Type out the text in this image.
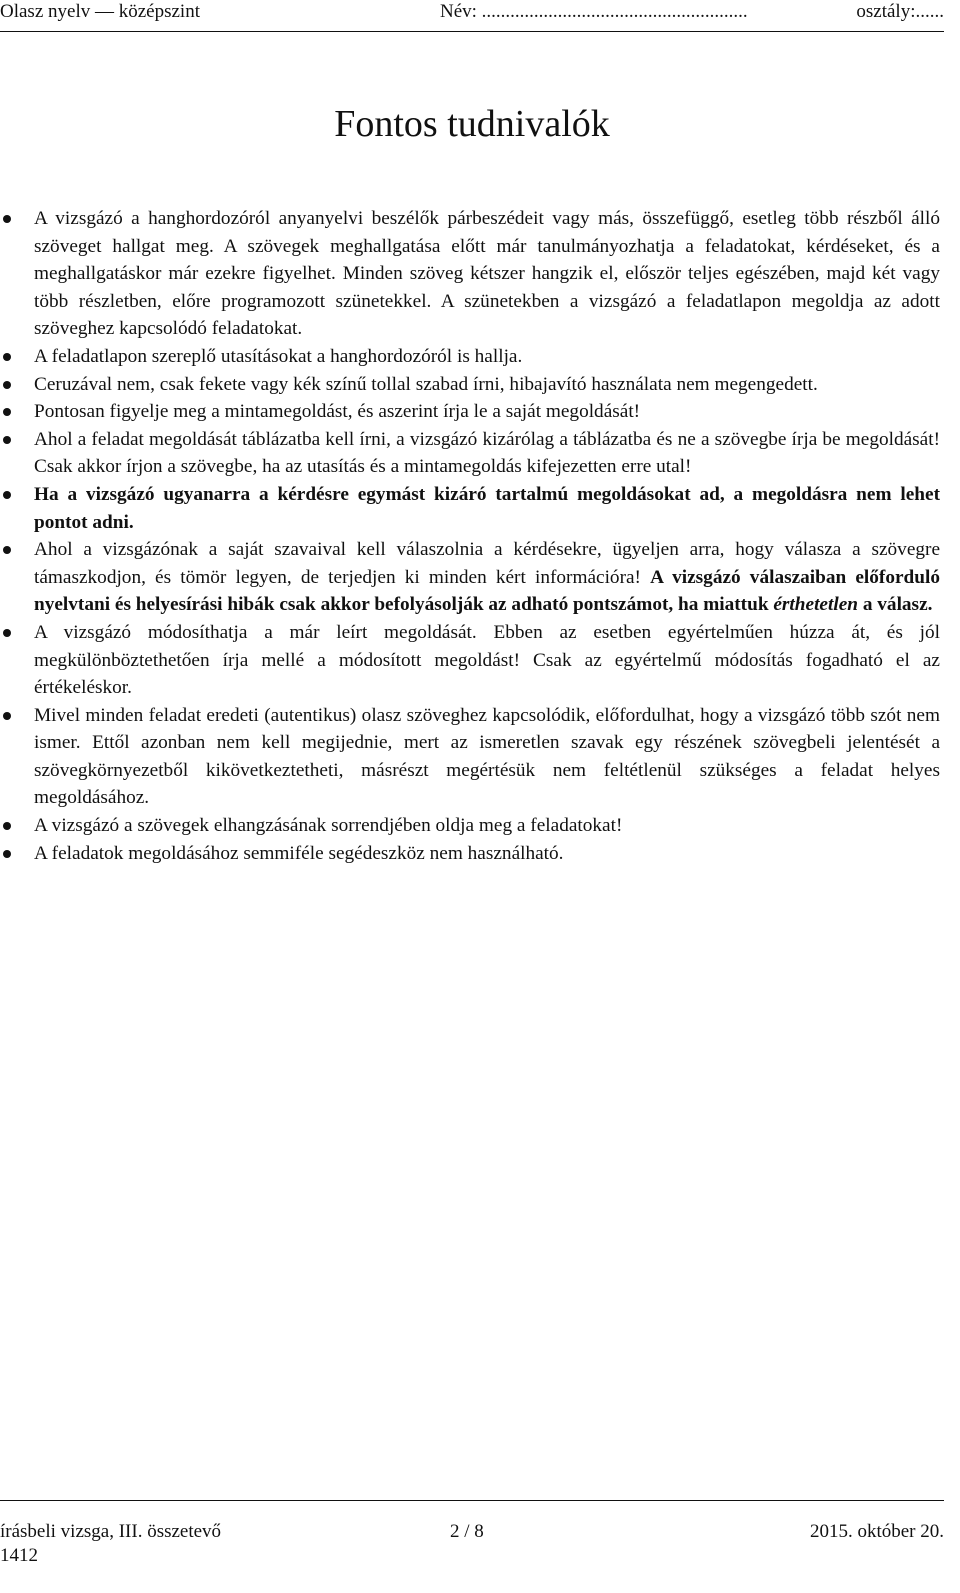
Olasz nyelv — középszint	Név: ........................................................	osztály:......
Fontos tudnivalók
A vizsgázó a hanghordozóról anyanyelvi beszélők párbeszédeit vagy más, összefüggő, esetleg több részből álló szöveget hallgat meg. A szövegek meghallgatása előtt már tanulmányozhatja a feladatokat, kérdéseket, és a meghallgatáskor már ezekre figyelhet. Minden szöveg kétszer hangzik el, először teljes egészében, majd két vagy több részletben, előre programozott szünetekkel. A szünetekben a vizsgázó a feladatlapon megoldja az adott szöveghez kapcsolódó feladatokat.
A feladatlapon szereplő utasításokat a hanghordozóról is hallja.
Ceruzával nem, csak fekete vagy kék színű tollal szabad írni, hibajavító használata nem megengedett.
Pontosan figyelje meg a mintamegoldást, és aszerint írja le a saját megoldását!
Ahol a feladat megoldását táblázatba kell írni, a vizsgázó kizárólag a táblázatba és ne a szövegbe írja be megoldását! Csak akkor írjon a szövegbe, ha az utasítás és a mintamegoldás kifejezetten erre utal!
Ha a vizsgázó ugyanarra a kérdésre egymást kizáró tartalmú megoldásokat ad, a megoldásra nem lehet pontot adni.
Ahol a vizsgázónak a saját szavaival kell válaszolnia a kérdésekre, ügyeljen arra, hogy válasza a szövegre támaszkodjon, és tömör legyen, de terjedjen ki minden kért információra! A vizsgázó válaszaiban előforduló nyelvtani és helyesírási hibák csak akkor befolyásolják az adható pontszámot, ha miattuk érthetetlen a válasz.
A vizsgázó módosíthatja a már leírt megoldását. Ebben az esetben egyértelműen húzza át, és jól megkülönböztethetően írja mellé a módosított megoldást! Csak az egyértelmű módosítás fogadható el az értékeléskor.
Mivel minden feladat eredeti (autentikus) olasz szöveghez kapcsolódik, előfordulhat, hogy a vizsgázó több szót nem ismer. Ettől azonban nem kell megijednie, mert az ismeretlen szavak egy részének szövegbeli jelentését a szövegkörnyezetből kikövetkeztetheti, másrészt megértésük nem feltétlenül szükséges a feladat helyes megoldásához.
A vizsgázó a szövegek elhangzásának sorrendjében oldja meg a feladatokat!
A feladatok megoldásához semmiféle segédeszköz nem használható.
írásbeli vizsga, III. összetevő	2 / 8	2015. október 20.
1412
